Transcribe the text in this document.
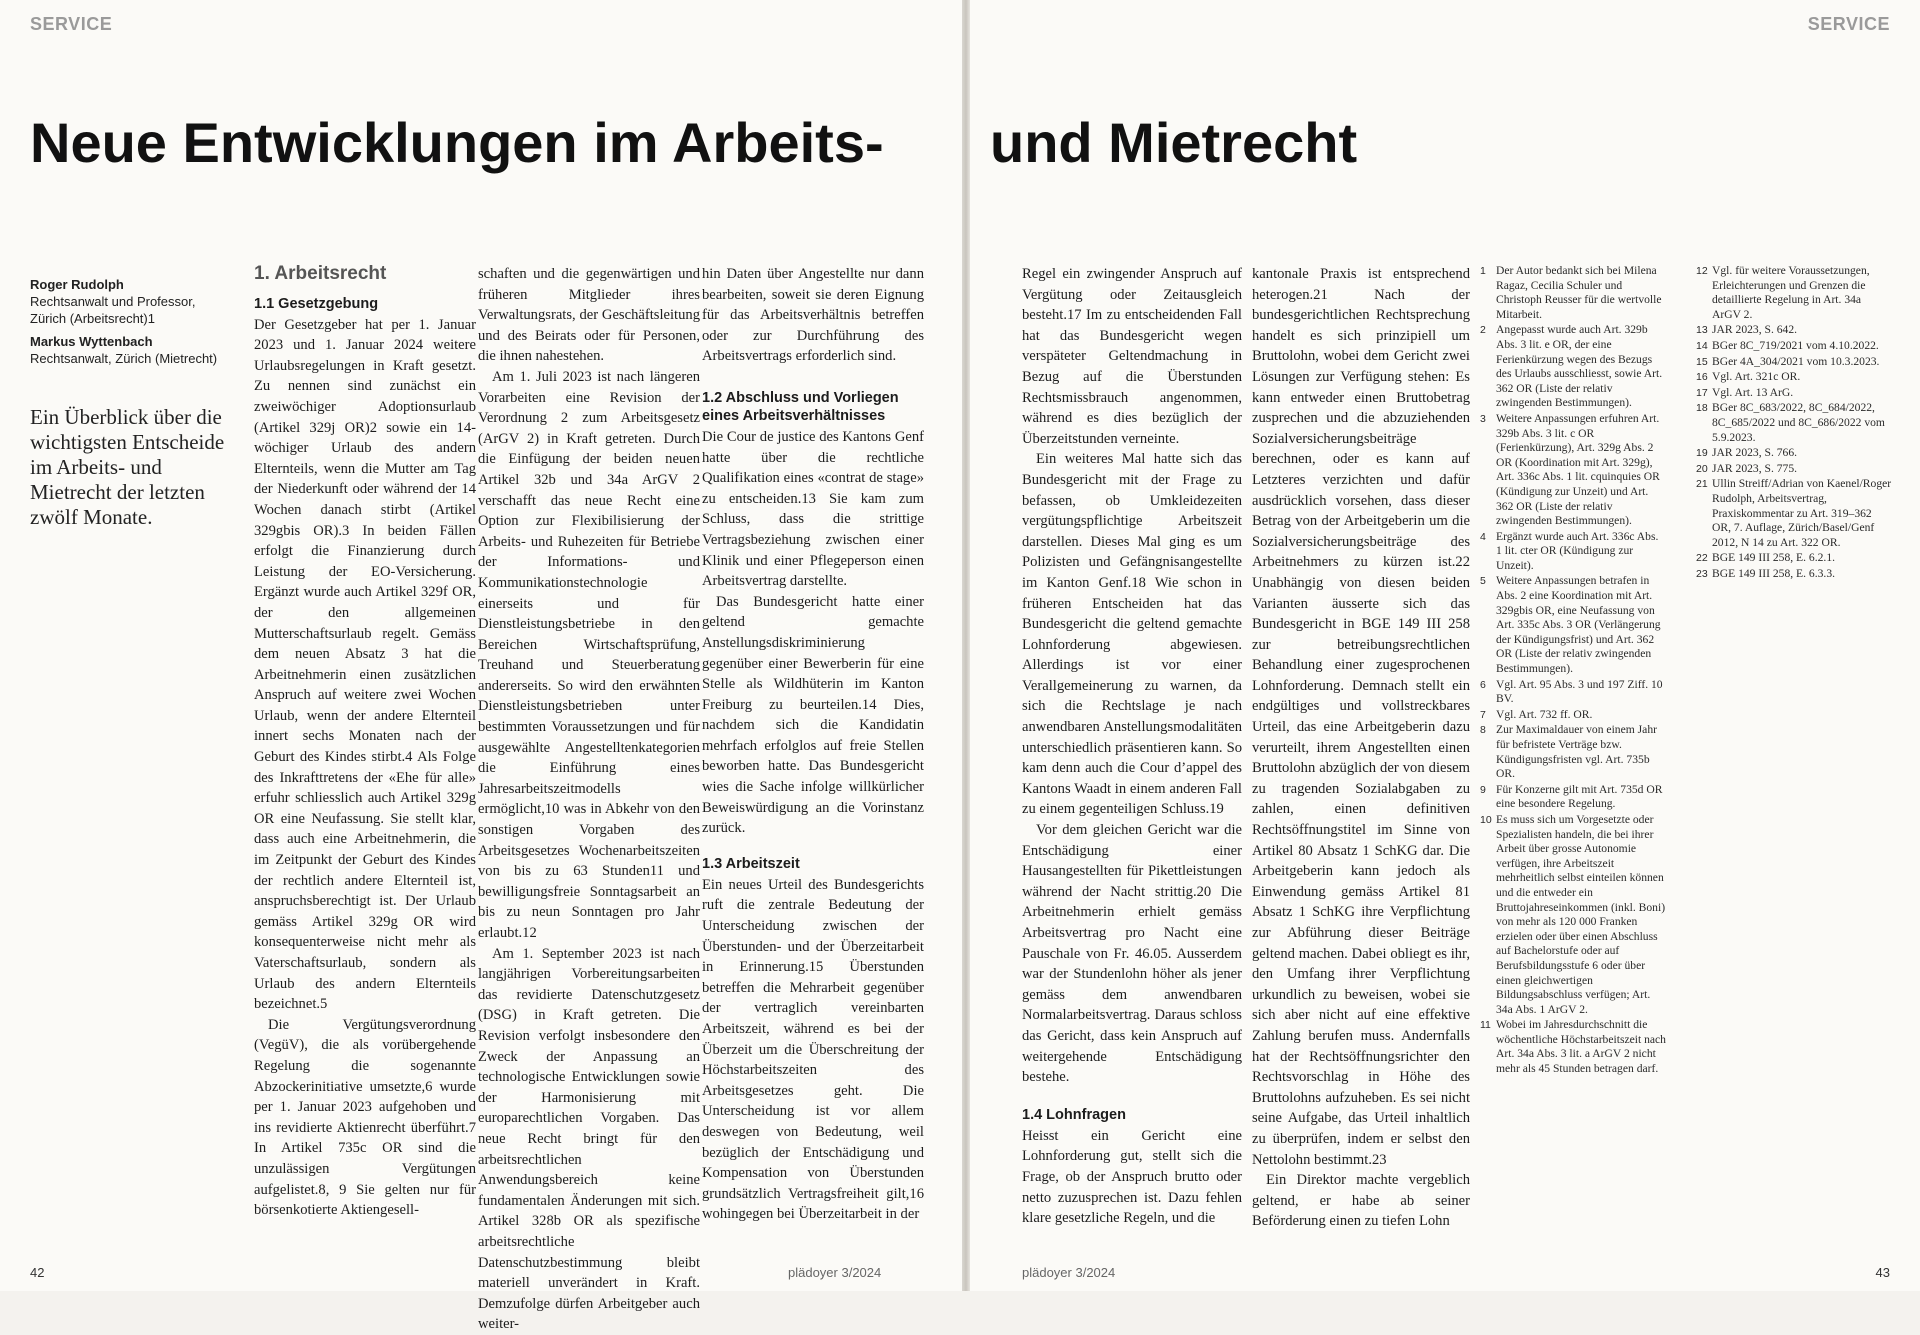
SERVICE
Neue Entwicklungen im Arbeits-
Roger Rudolph
Rechtsanwalt und Professor, Zürich (Arbeitsrecht)1
Markus Wyttenbach
Rechtsanwalt, Zürich (Mietrecht)
Ein Überblick über die wichtigsten Entscheide im Arbeits- und Mietrecht der letzten zwölf Monate.
1. Arbeitsrecht
1.1 Gesetzgebung

Der Gesetzgeber hat per 1. Januar 2023 und 1. Januar 2024 weitere Urlaubsregelungen in Kraft gesetzt. Zu nennen sind zunächst ein zweiwöchiger Adoptionsurlaub (Artikel 329j OR)2 sowie ein 14-wöchiger Urlaub des andern Elternteils, wenn die Mutter am Tag der Niederkunft oder während der 14 Wochen danach stirbt (Artikel 329gbis OR).3 In beiden Fällen erfolgt die Finanzierung durch Leistung der EO-Versicherung. Ergänzt wurde auch Artikel 329f OR, der den allgemeinen Mutterschaftsurlaub regelt. Gemäss dem neuen Absatz 3 hat die Arbeitnehmerin einen zusätzlichen Anspruch auf weitere zwei Wochen Urlaub, wenn der andere Elternteil innert sechs Monaten nach der Geburt des Kindes stirbt.4 Als Folge des Inkrafttretens der «Ehe für alle» erfuhr schliesslich auch Artikel 329g OR eine Neufassung. Sie stellt klar, dass auch eine Arbeitnehmerin, die im Zeitpunkt der Geburt des Kindes der rechtlich andere Elternteil ist, anspruchsberechtigt ist. Der Urlaub gemäss Artikel 329g OR wird konsequenterweise nicht mehr als Vaterschaftsurlaub, sondern als Urlaub des andern Elternteils bezeichnet.5

Die Vergütungsverordnung (VegüV), die als vorübergehende Regelung die sogenannte Abzockerinitiative umsetzte,6 wurde per 1. Januar 2023 aufgehoben und ins revidierte Aktienrecht überführt.7 In Artikel 735c OR sind die unzulässigen Vergütungen aufgelistet.8, 9 Sie gelten nur für börsenkotierte Aktiengesell-

schaften und die gegenwärtigen und früheren Mitglieder ihres Verwaltungsrats, der Geschäftsleitung und des Beirats oder für Personen, die ihnen nahestehen.

Am 1. Juli 2023 ist nach längeren Vorarbeiten eine Revision der Verordnung 2 zum Arbeitsgesetz (ArGV 2) in Kraft getreten. Durch die Einfügung der beiden neuen Artikel 32b und 34a ArGV 2 verschafft das neue Recht eine Option zur Flexibilisierung der Arbeits- und Ruhezeiten für Betriebe der Informations- und Kommunikationstechnologie einerseits und für Dienstleistungsbetriebe in den Bereichen Wirtschaftsprüfung, Treuhand und Steuerberatung andererseits. So wird den erwähnten Dienstleistungsbetrieben unter bestimmten Voraussetzungen und für ausgewählte Angestelltenkategorien die Einführung eines Jahresarbeitszeitmodells ermöglicht,10 was in Abkehr von den sonstigen Vorgaben des Arbeitsgesetzes Wochenarbeitszeiten von bis zu 63 Stunden11 und bewilligungsfreie Sonntagsarbeit an bis zu neun Sonntagen pro Jahr erlaubt.12

Am 1. September 2023 ist nach langjährigen Vorbereitungsarbeiten das revidierte Datenschutzgesetz (DSG) in Kraft getreten. Die Revision verfolgt insbesondere den Zweck der Anpassung an technologische Entwicklungen sowie der Harmonisierung mit europarechtlichen Vorgaben. Das neue Recht bringt für den arbeitsrechtlichen Anwendungsbereich keine fundamentalen Änderungen mit sich. Artikel 328b OR als spezifische arbeitsrechtliche Datenschutzbestimmung bleibt materiell unverändert in Kraft. Demzufolge dürfen Arbeitgeber auch weiter-

hin Daten über Angestellte nur dann bearbeiten, soweit sie deren Eignung für das Arbeitsverhältnis betreffen oder zur Durchführung des Arbeitsvertrags erforderlich sind.

1.2 Abschluss und Vorliegen eines Arbeitsverhältnisses

Die Cour de justice des Kantons Genf hatte über die rechtliche Qualifikation eines «contrat de stage» zu entscheiden.13 Sie kam zum Schluss, dass die strittige Vertragsbeziehung zwischen einer Klinik und einer Pflegeperson einen Arbeitsvertrag darstellte.

Das Bundesgericht hatte einer geltend gemachte Anstellungsdiskriminierung gegenüber einer Bewerberin für eine Stelle als Wildhüterin im Kanton Freiburg zu beurteilen.14 Dies, nachdem sich die Kandidatin mehrfach erfolglos auf freie Stellen beworben hatte. Das Bundesgericht wies die Sache infolge willkürlicher Beweiswürdigung an die Vorinstanz zurück.

1.3 Arbeitszeit

Ein neues Urteil des Bundesgerichts ruft die zentrale Bedeutung der Unterscheidung zwischen der Überstunden- und der Überzeitarbeit in Erinnerung.15 Überstunden betreffen die Mehrarbeit gegenüber der vertraglich vereinbarten Arbeitszeit, während es bei der Überzeit um die Überschreitung der Höchstarbeitszeiten des Arbeitsgesetzes geht. Die Unterscheidung ist vor allem deswegen von Bedeutung, weil bezüglich der Entschädigung und Kompensation von Überstunden grundsätzlich Vertragsfreiheit gilt,16 wohingegen bei Überzeitarbeit in der

42	plädoyer 3/2024
SERVICE
und Mietrecht

Regel ein zwingender Anspruch auf Vergütung oder Zeitausgleich besteht.17 Im zu entscheidenden Fall hat das Bundesgericht wegen verspäteter Geltendmachung in Bezug auf die Überstunden Rechtsmissbrauch angenommen, während es dies bezüglich der Überzeitstunden verneinte.

Ein weiteres Mal hatte sich das Bundesgericht mit der Frage zu befassen, ob Umkleidezeiten vergütungspflichtige Arbeitszeit darstellen. Dieses Mal ging es um Polizisten und Gefängnisangestellte im Kanton Genf.18 Wie schon in früheren Entscheiden hat das Bundesgericht die geltend gemachte Lohnforderung abgewiesen. Allerdings ist vor einer Verallgemeinerung zu warnen, da sich die Rechtslage je nach anwendbaren Anstellungsmodalitäten unterschiedlich präsentieren kann. So kam denn auch die Cour d’appel des Kantons Waadt in einem anderen Fall zu einem gegenteiligen Schluss.19

Vor dem gleichen Gericht war die Entschädigung einer Hausangestellten für Pikettleistungen während der Nacht strittig.20 Die Arbeitnehmerin erhielt gemäss Arbeitsvertrag pro Nacht eine Pauschale von Fr. 46.05. Ausserdem war der Stundenlohn höher als jener gemäss dem anwendbaren Normalarbeitsvertrag. Daraus schloss das Gericht, dass kein Anspruch auf weitergehende Entschädigung bestehe.

1.4 Lohnfragen

Heisst ein Gericht eine Lohnforderung gut, stellt sich die Frage, ob der Anspruch brutto oder netto zuzusprechen ist. Dazu fehlen klare gesetzliche Regeln, und die

kantonale Praxis ist entsprechend heterogen.21 Nach der bundesgerichtlichen Rechtsprechung handelt es sich prinzipiell um Bruttolohn, wobei dem Gericht zwei Lösungen zur Verfügung stehen: Es kann entweder einen Bruttobetrag zusprechen und die abzuziehenden Sozialversicherungsbeiträge berechnen, oder es kann auf Letzteres verzichten und dafür ausdrücklich vorsehen, dass dieser Betrag von der Arbeitgeberin um die Sozialversicherungsbeiträge des Arbeitnehmers zu kürzen ist.22 Unabhängig von diesen beiden Varianten äusserte sich das Bundesgericht in BGE 149 III 258 zur betreibungsrechtlichen Behandlung einer zugesprochenen Lohnforderung. Demnach stellt ein endgültiges und vollstreckbares Urteil, das eine Arbeitgeberin dazu verurteilt, ihrem Angestellten einen Bruttolohn abzüglich der von diesem zu tragenden Sozialabgaben zu zahlen, einen definitiven Rechtsöffnungstitel im Sinne von Artikel 80 Absatz 1 SchKG dar. Die Arbeitgeberin kann jedoch als Einwendung gemäss Artikel 81 Absatz 1 SchKG ihre Verpflichtung zur Abführung dieser Beiträge geltend machen. Dabei obliegt es ihr, den Umfang ihrer Verpflichtung urkundlich zu beweisen, wobei sie sich aber nicht auf eine effektive Zahlung berufen muss. Andernfalls hat der Rechtsöffnungsrichter den Rechtsvorschlag in Höhe des Bruttolohns aufzuheben. Es sei nicht seine Aufgabe, das Urteil inhaltlich zu überprüfen, indem er selbst den Nettolohn bestimmt.23

Ein Direktor machte vergeblich geltend, er habe ab seiner Beförderung einen zu tiefen Lohn

1 Der Autor bedankt sich bei Milena Ragaz, Cecilia Schuler und Christoph Reusser für die wertvolle Mitarbeit.
2 Angepasst wurde auch Art. 329b Abs. 3 lit. e OR, der eine Ferienkürzung wegen des Bezugs des Urlaubs ausschliesst, sowie Art. 362 OR (Liste der relativ zwingenden Bestimmungen).
3 Weitere Anpassungen erfuhren Art. 329b Abs. 3 lit. c OR (Ferienkürzung), Art. 329g Abs. 2 OR (Koordination mit Art. 329g), Art. 336c Abs. 1 lit. cquinquies OR (Kündigung zur Unzeit) und Art. 362 OR (Liste der relativ zwingenden Bestimmungen).
4 Ergänzt wurde auch Art. 336c Abs. 1 lit. cter OR (Kündigung zur Unzeit).
5 Weitere Anpassungen betrafen in Abs. 2 eine Koordination mit Art. 329gbis OR, eine Neufassung von Art. 335c Abs. 3 OR (Verlängerung der Kündigungsfrist) und Art. 362 OR (Liste der relativ zwingenden Bestimmungen).
6 Vgl. Art. 95 Abs. 3 und 197 Ziff. 10 BV.
7 Vgl. Art. 732 ff. OR.
8 Zur Maximaldauer von einem Jahr für befristete Verträge bzw. Kündigungsfristen vgl. Art. 735b OR.
9 Für Konzerne gilt mit Art. 735d OR eine besondere Regelung.
10 Es muss sich um Vorgesetzte oder Spezialisten handeln, die bei ihrer Arbeit über grosse Autonomie verfügen, ihre Arbeitszeit mehrheitlich selbst einteilen können und die entweder ein Bruttojahreseinkommen (inkl. Boni) von mehr als 120 000 Franken erzielen oder über einen Abschluss auf Bachelorstufe oder auf Berufsbildungsstufe 6 oder über einen gleichwertigen Bildungsabschluss verfügen; Art. 34a Abs. 1 ArGV 2.
11 Wobei im Jahresdurchschnitt die wöchentliche Höchstarbeitszeit nach Art. 34a Abs. 3 lit. a ArGV 2 nicht mehr als 45 Stunden betragen darf.
12 Vgl. für weitere Voraussetzungen, Erleichterungen und Grenzen die detaillierte Regelung in Art. 34a ArGV 2.
13 JAR 2023, S. 642.
14 BGer 8C_719/2021 vom 4.10.2022.
15 BGer 4A_304/2021 vom 10.3.2023.
16 Vgl. Art. 321c OR.
17 Vgl. Art. 13 ArG.
18 BGer 8C_683/2022, 8C_684/2022, 8C_685/2022 und 8C_686/2022 vom 5.9.2023.
19 JAR 2023, S. 766.
20 JAR 2023, S. 775.
21 Ullin Streiff/Adrian von Kaenel/Roger Rudolph, Arbeitsvertrag, Praxiskommentar zu Art. 319–362 OR, 7. Auflage, Zürich/Basel/Genf 2012, N 14 zu Art. 322 OR.
22 BGE 149 III 258, E. 6.2.1.
23 BGE 149 III 258, E. 6.3.3.
plädoyer 3/2024	43
